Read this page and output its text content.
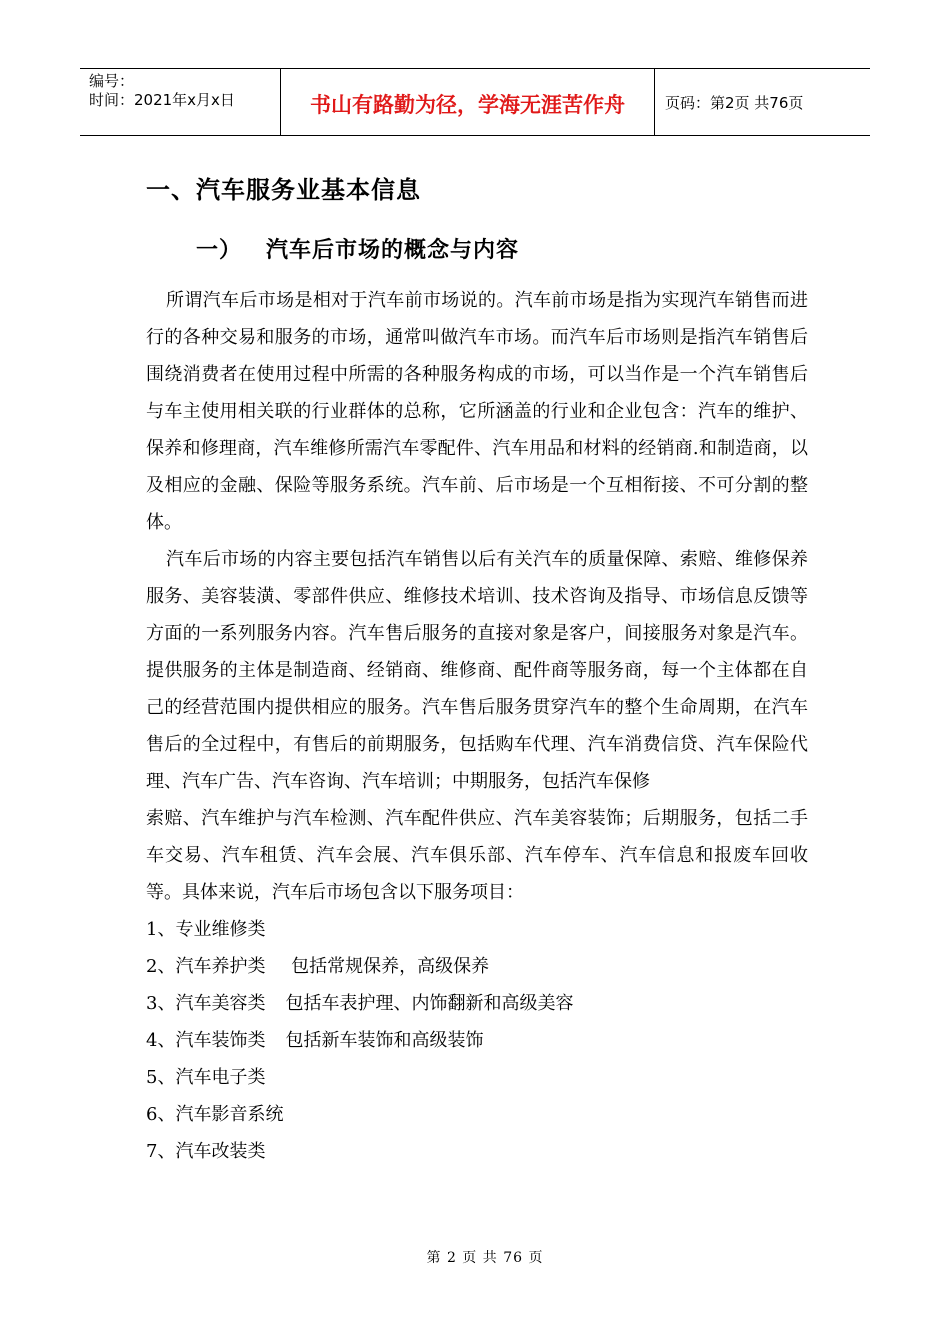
编号：
时间：2021年x月x日	书山有路勤为径，学海无涯苦作舟	页码：第2页 共76页
一、汽车服务业基本信息
一） 汽车后市场的概念与内容

所谓汽车后市场是相对于汽车前市场说的。汽车前市场是指为实现汽车销售而进行的各种交易和服务的市场，通常叫做汽车市场。而汽车后市场则是指汽车销售后围绕消费者在使用过程中所需的各种服务构成的市场，可以当作是一个汽车销售后与车主使用相关联的行业群体的总称，它所涵盖的行业和企业包含：汽车的维护、保养和修理商，汽车维修所需汽车零配件、汽车用品和材料的经销商.和制造商，以及相应的金融、保险等服务系统。汽车前、后市场是一个互相衔接、不可分割的整体。

汽车后市场的内容主要包括汽车销售以后有关汽车的质量保障、索赔、维修保养服务、美容装潢、零部件供应、维修技术培训、技术咨询及指导、市场信息反馈等方面的一系列服务内容。汽车售后服务的直接对象是客户，间接服务对象是汽车。提供服务的主体是制造商、经销商、维修商、配件商等服务商，每一个主体都在自己的经营范围内提供相应的服务。汽车售后服务贯穿汽车的整个生命周期，在汽车售后的全过程中，有售后的前期服务，包括购车代理、汽车消费信贷、汽车保险代理、汽车广告、汽车咨询、汽车培训；中期服务，包括汽车保修

索赔、汽车维护与汽车检测、汽车配件供应、汽车美容装饰；后期服务，包括二手车交易、汽车租赁、汽车会展、汽车俱乐部、汽车停车、汽车信息和报废车回收等。具体来说，汽车后市场包含以下服务项目：

1、专业维修类

2、汽车养护类 包括常规保养，高级保养

3、汽车美容类 包括车表护理、内饰翻新和高级美容

4、汽车装饰类 包括新车装饰和高级装饰

5、汽车电子类

6、汽车影音系统

7、汽车改装类

第 2 页 共 76 页
